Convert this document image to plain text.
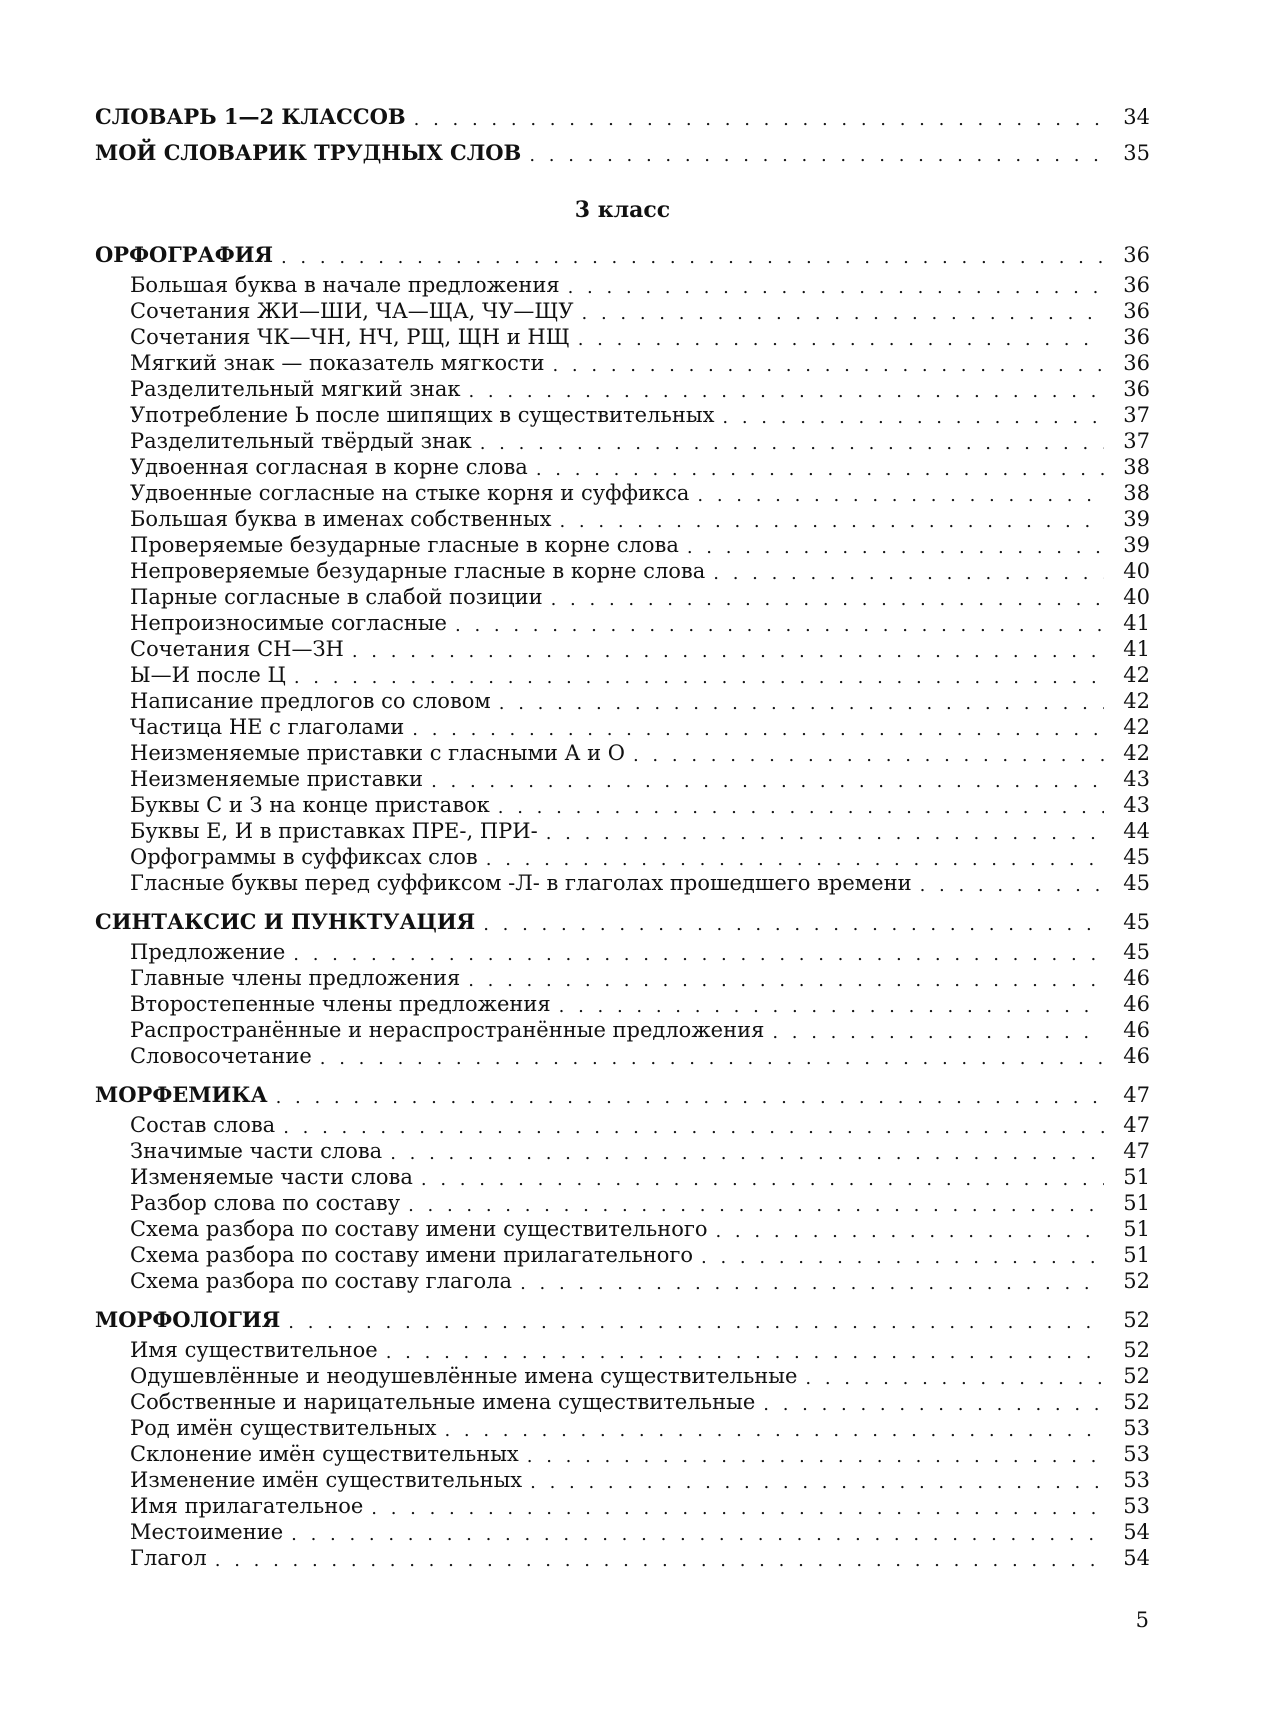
СЛОВАРЬ 1—2 КЛАССОВ . . .	34
МОЙ СЛОВАРИК ТРУДНЫХ СЛОВ . . .	35
3 класс
ОРФОГРАФИЯ . . .	36
Большая буква в начале предложения . . .	36
Сочетания ЖИ—ШИ, ЧА—ЩА, ЧУ—ЩУ . . .	36
Сочетания ЧК—ЧН, НЧ, РЩ, ЩН и НЩ . . .	36
Мягкий знак — показатель мягкости . . .	36
Разделительный мягкий знак . . .	36
Употребление Ь после шипящих в существительных . . .	37
Разделительный твёрдый знак . . .	37
Удвоенная согласная в корне слова . . .	38
Удвоенные согласные на стыке корня и суффикса . . .	38
Большая буква в именах собственных . . .	39
Проверяемые безударные гласные в корне слова . . .	39
Непроверяемые безударные гласные в корне слова . . .	40
Парные согласные в слабой позиции . . .	40
Непроизносимые согласные . . .	41
Сочетания СН—ЗН . . .	41
Ы—И после Ц . . .	42
Написание предлогов со словом . . .	42
Частица НЕ с глаголами . . .	42
Неизменяемые приставки с гласными А и О . . .	42
Неизменяемые приставки . . .	43
Буквы С и З на конце приставок . . .	43
Буквы Е, И в приставках ПРЕ-, ПРИ- . . .	44
Орфограммы в суффиксах слов . . .	45
Гласные буквы перед суффиксом -Л- в глаголах прошедшего времени . . .	45
СИНТАКСИС И ПУНКТУАЦИЯ . . .	45
Предложение . . .	45
Главные члены предложения . . .	46
Второстепенные члены предложения . . .	46
Распространённые и нераспространённые предложения . . .	46
Словосочетание . . .	46
МОРФЕМИКА . . .	47
Состав слова . . .	47
Значимые части слова . . .	47
Изменяемые части слова . . .	51
Разбор слова по составу . . .	51
Схема разбора по составу имени существительного . . .	51
Схема разбора по составу имени прилагательного . . .	51
Схема разбора по составу глагола . . .	52
МОРФОЛОГИЯ . . .	52
Имя существительное . . .	52
Одушевлённые и неодушевлённые имена существительные . . .	52
Собственные и нарицательные имена существительные . . .	52
Род имён существительных . . .	53
Склонение имён существительных . . .	53
Изменение имён существительных . . .	53
Имя прилагательное . . .	53
Местоимение . . .	54
Глагол . . .	54
5
